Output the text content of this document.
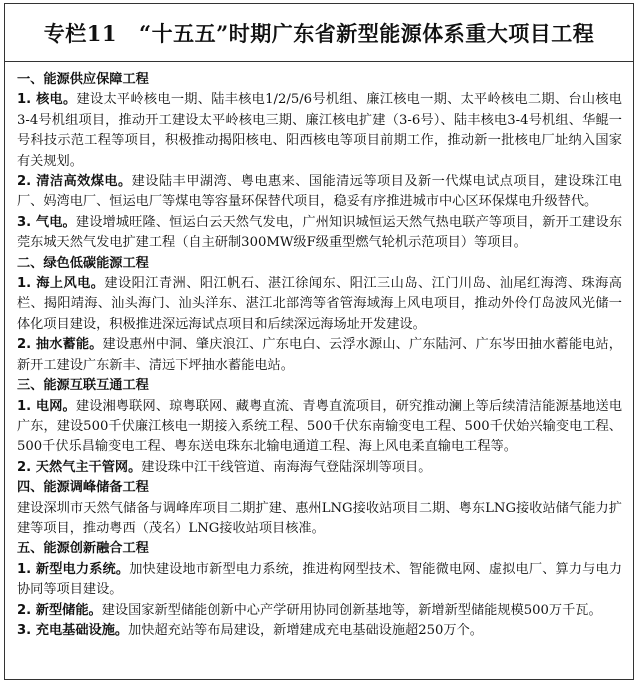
专栏11 “十五五”时期广东省新型能源体系重大项目工程
一、能源供应保障工程

1. 核电。建设太平岭核电一期、陆丰核电1/2/5/6号机组、廉江核电一期、太平岭核电二期、台山核电3-4号机组项目，推动开工建设太平岭核电三期、廉江核电扩建（3-6号）、陆丰核电3-4号机组、华鲲一号科技示范工程等项目，积极推动揭阳核电、阳西核电等项目前期工作，推动新一批核电厂址纳入国家有关规划。

2. 清洁高效煤电。建设陆丰甲湖湾、粤电惠来、国能清远等项目及新一代煤电试点项目，建设珠江电厂、妈湾电厂、恒运电厂等煤电等容量环保替代项目，稳妥有序推进城市中心区环保煤电升级替代。

3. 气电。建设增城旺隆、恒运白云天然气发电，广州知识城恒运天然气热电联产等项目，新开工建设东莞东城天然气发电扩建工程（自主研制300MW级F级重型燃气轮机示范项目）等项目。

二、绿色低碳能源工程

1. 海上风电。建设阳江青洲、阳江帆石、湛江徐闻东、阳江三山岛、江门川岛、汕尾红海湾、珠海高栏、揭阳靖海、汕头海门、汕头洋东、湛江北部湾等省管海域海上风电项目，推动外伶仃岛波风光储一体化项目建设，积极推进深远海试点项目和后续深远海场址开发建设。

2. 抽水蓄能。建设惠州中洞、肇庆浪江、广东电白、云浮水源山、广东陆河、广东岑田抽水蓄能电站，新开工建设广东新丰、清远下坪抽水蓄能电站。

三、能源互联互通工程

1. 电网。建设湘粤联网、琼粤联网、藏粤直流、青粤直流项目，研究推动澜上等后续清洁能源基地送电广东，建设500千伏廉江核电一期接入系统工程、500千伏东南输变电工程、500千伏始兴输变电工程、500千伏乐昌输变电工程、粤东送电珠东北输电通道工程、海上风电柔直输电工程等。

2. 天然气主干管网。建设珠中江干线管道、南海海气登陆深圳等项目。

四、能源调峰储备工程

建设深圳市天然气储备与调峰库项目二期扩建、惠州LNG接收站项目二期、粤东LNG接收站储气能力扩建等项目，推动粤西（茂名）LNG接收站项目核准。

五、能源创新融合工程

1. 新型电力系统。加快建设地市新型电力系统，推进构网型技术、智能微电网、虚拟电厂、算力与电力协同等项目建设。

2. 新型储能。建设国家新型储能创新中心产学研用协同创新基地等，新增新型储能规模500万千瓦。

3. 充电基础设施。加快超充站等布局建设，新增建成充电基础设施超250万个。
